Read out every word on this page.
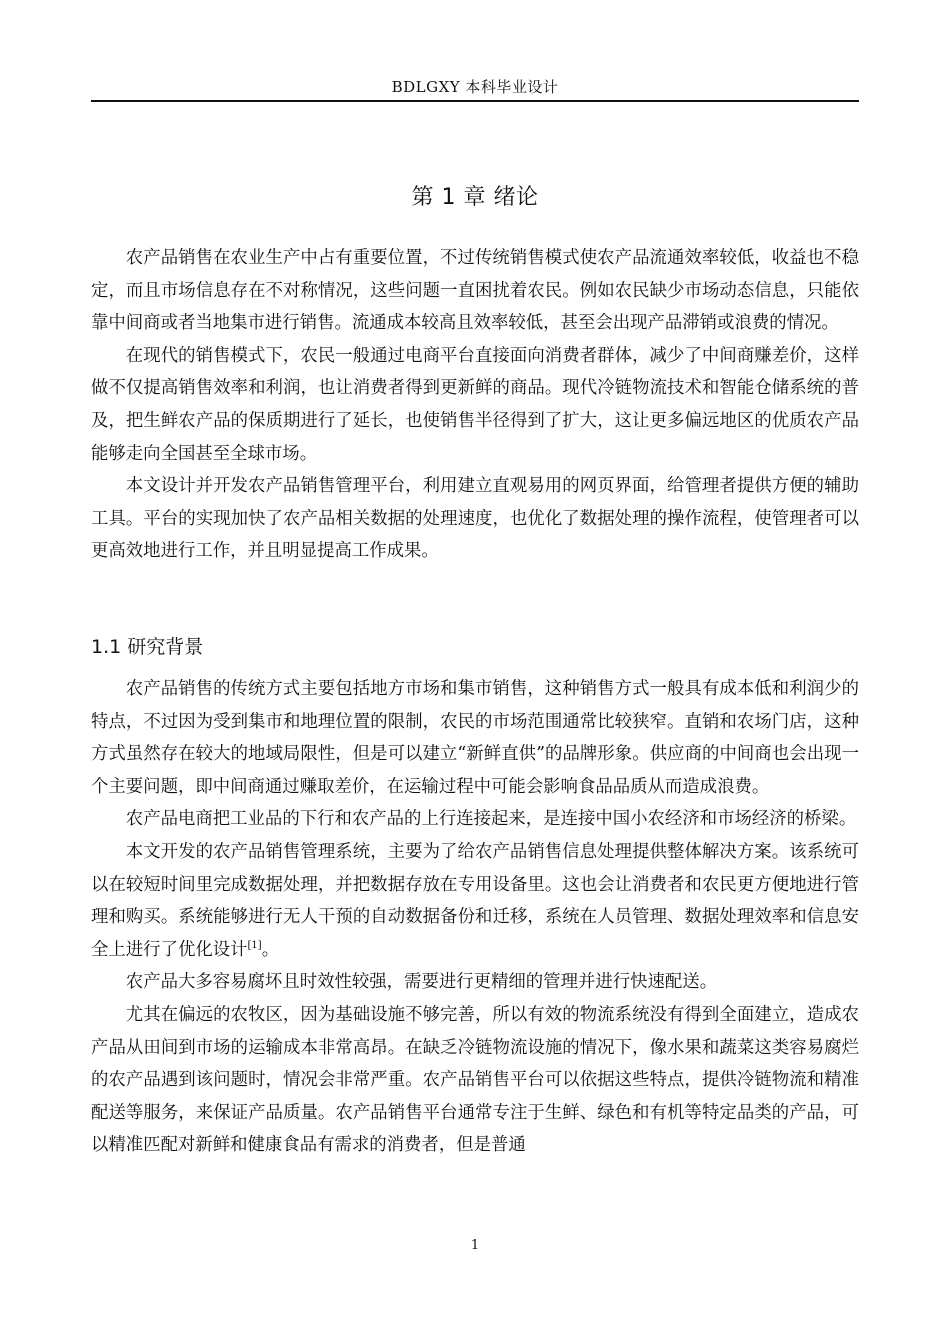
BDLGXY 本科毕业设计
第 1 章 绪论

农产品销售在农业生产中占有重要位置，不过传统销售模式使农产品流通效率较低，收益也不稳定，而且市场信息存在不对称情况，这些问题一直困扰着农民。例如农民缺少市场动态信息，只能依靠中间商或者当地集市进行销售。流通成本较高且效率较低，甚至会出现产品滞销或浪费的情况。

在现代的销售模式下，农民一般通过电商平台直接面向消费者群体，减少了中间商赚差价，这样做不仅提高销售效率和利润，也让消费者得到更新鲜的商品。现代冷链物流技术和智能仓储系统的普及，把生鲜农产品的保质期进行了延长，也使销售半径得到了扩大，这让更多偏远地区的优质农产品能够走向全国甚至全球市场。

本文设计并开发农产品销售管理平台，利用建立直观易用的网页界面，给管理者提供方便的辅助工具。平台的实现加快了农产品相关数据的处理速度，也优化了数据处理的操作流程，使管理者可以更高效地进行工作，并且明显提高工作成果。

1.1 研究背景

农产品销售的传统方式主要包括地方市场和集市销售，这种销售方式一般具有成本低和利润少的特点，不过因为受到集市和地理位置的限制，农民的市场范围通常比较狭窄。直销和农场门店，这种方式虽然存在较大的地域局限性，但是可以建立“新鲜直供”的品牌形象。供应商的中间商也会出现一个主要问题，即中间商通过赚取差价，在运输过程中可能会影响食品品质从而造成浪费。

农产品电商把工业品的下行和农产品的上行连接起来，是连接中国小农经济和市场经济的桥梁。

本文开发的农产品销售管理系统，主要为了给农产品销售信息处理提供整体解决方案。该系统可以在较短时间里完成数据处理，并把数据存放在专用设备里。这也会让消费者和农民更方便地进行管理和购买。系统能够进行无人干预的自动数据备份和迁移，系统在人员管理、数据处理效率和信息安全上进行了优化设计[1]。

农产品大多容易腐坏且时效性较强，需要进行更精细的管理并进行快速配送。

尤其在偏远的农牧区，因为基础设施不够完善，所以有效的物流系统没有得到全面建立，造成农产品从田间到市场的运输成本非常高昂。在缺乏冷链物流设施的情况下，像水果和蔬菜这类容易腐烂的农产品遇到该问题时，情况会非常严重。农产品销售平台可以依据这些特点，提供冷链物流和精准配送等服务，来保证产品质量。农产品销售平台通常专注于生鲜、绿色和有机等特定品类的产品，可以精准匹配对新鲜和健康食品有需求的消费者，但是普通

1
